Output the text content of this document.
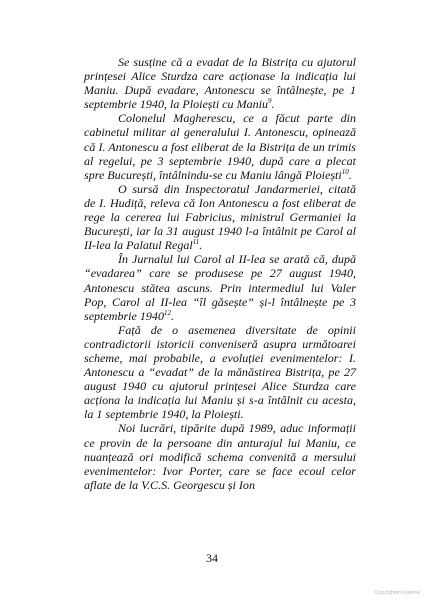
Se susține că a evadat de la Bistrița cu ajutorul prințesei Alice Sturdza care acționase la indicația lui Maniu. După evadare, Antonescu se întâlnește, pe 1 septembrie 1940, la Ploiești cu Maniu$^9$.

Colonelul Magherescu, ce a făcut parte din cabinetul militar al generalului I. Antonescu, opinează că I. Antonescu a fost eliberat de la Bistrița de un trimis al regelui, pe 3 septembrie 1940, după care a plecat spre București, întâlnindu-se cu Maniu lângă Ploiești$^{10}$.

O sursă din Inspectoratul Jandarmeriei, citată de I. Hudiță, releva că Ion Antonescu a fost eliberat de rege la cererea lui Fabricius, ministrul Germaniei la București, iar la 31 august 1940 l-a întâlnit pe Carol al II-lea la Palatul Regal$^{11}$.

În Jurnalul lui Carol al II-lea se arată că, după “evadarea” care se produsese pe 27 august 1940, Antonescu stătea ascuns. Prin intermediul lui Valer Pop, Carol al II-lea “îl găsește” și-l întâlnește pe 3 septembrie 1940$^{12}$.

Față de o asemenea diversitate de opinii contradictorii istoricii conveniseră asupra următoarei scheme, mai probabile, a evoluției evenimentelor: I. Antonescu a “evadat” de la mănăstirea Bistrița, pe 27 august 1940 cu ajutorul prințesei Alice Sturdza care acționa la indicația lui Maniu și s-a întâlnit cu acesta, la 1 septembrie 1940, la Ploiești.

Noi lucrări, tipărite după 1989, aduc informații ce provin de la persoane din anturajul lui Maniu, ce nuanțează ori modifică schema convenită a mersului evenimentelor: Ivor Porter, care se face ecoul celor aflate de la V.C.S. Georgescu și Ion

34
Copyrighted material
